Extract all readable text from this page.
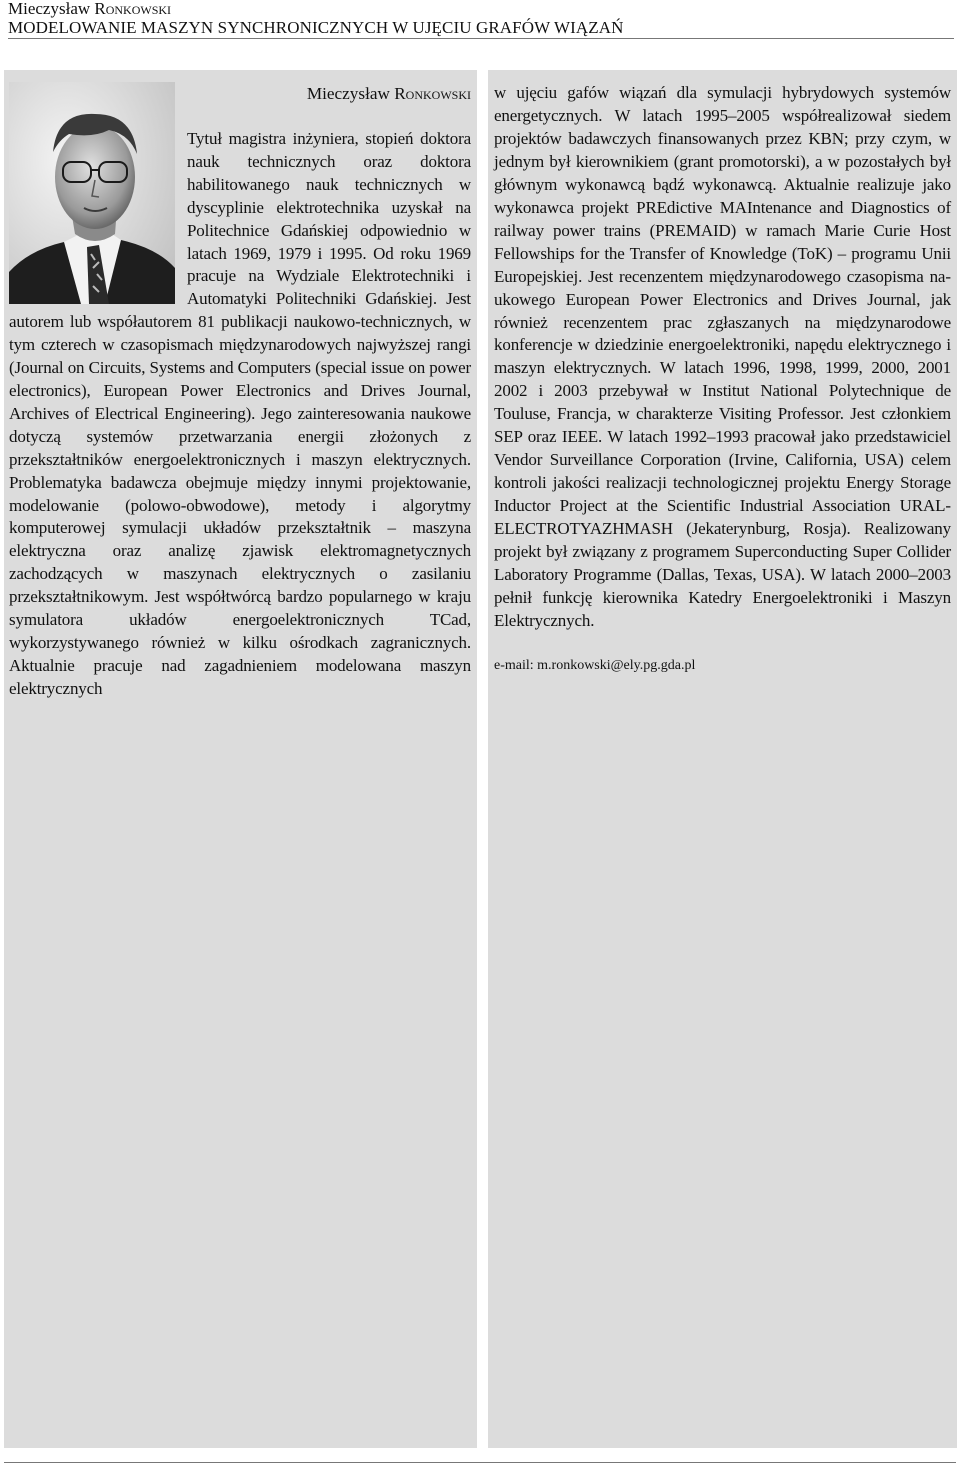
Mieczysław Ronkowski
MODELOWANIE MASZYN SYNCHRONICZNYCH W UJĘCIU GRAFÓW WIĄZAŃ
Mieczysław Ronkowski

Tytuł magistra inżyniera, stopień doktora nauk technicznych oraz doktora habilitowanego nauk technicznych w dyscyplinie elektrotechnika uzyskał na Politechnice Gdańskiej odpowiednio w latach 1969, 1979 i 1995. Od roku 1969 pracuje na Wydziale Elektrotechniki i Automatyki Politechniki Gdańskiej. Jest autorem lub współautorem 81 publikacji naukowo-technicznych, w tym czterech w czasopismach międzynarodowych najwyższej rangi (Journal on Circuits, Systems and Computers (special issue on power electronics), European Power Electronics and Drives Journal, Archives of Electrical Engineering). Jego zainteresowania naukowe dotyczą systemów przetwarzania energii złożonych z przekształtników energoelektronicznych i maszyn elektrycznych. Problematyka badawcza obejmuje między innymi projektowanie, modelowanie (polowo-obwodowe), metody i algorytmy komputerowej symulacji układów przekształtnik – maszyna elektryczna oraz analizę zjawisk elektromagnetycznych zachodzących w maszynach elektrycznych o zasilaniu przekształtnikowym. Jest współtwórcą bardzo popularnego w kraju symulatora układów energoelektronicznych TCad, wykorzystywanego również w kilku ośrodkach zagranicznych. Aktualnie pracuje nad zagadnieniem modelowana maszyn elektrycznych

w ujęciu gafów wiązań dla symulacji hybrydowych systemów energetycznych. W latach 1995–2005 współrealizował siedem projektów badawczych finansowanych przez KBN; przy czym, w jednym był kierownikiem (grant promotorski), a w pozostałych był głównym wykonawcą bądź wykonawcą. Aktualnie realizuje jako wykonawca projekt PREdictive MAIntenance and Diagnostics of railway power trains (PREMAID) w ramach Marie Curie Host Fellowships for the Transfer of Knowledge (ToK) – programu Unii Europejskiej. Jest recenzentem międzynarodowego czasopisma naukowego European Power Electronics and Drives Journal, jak również recenzentem prac zgłaszanych na międzynarodowe konferencje w dziedzinie energoelektroniki, napędu elektrycznego i maszyn elektrycznych. W latach 1996, 1998, 1999, 2000, 2001 2002 i 2003 przebywał w Institut National Polytechnique de Touluse, Francja, w charakterze Visiting Professor. Jest członkiem SEP oraz IEEE. W latach 1992–1993 pracował jako przedstawiciel Vendor Surveillance Corporation (Irvine, California, USA) celem kontroli jakości realizacji technologicznej projektu Energy Storage Inductor Project at the Scientific Industrial Association URALELECTROTYAZHMASH (Jekaterynburg, Rosja). Realizowany projekt był związany z programem Superconducting Super Collider Laboratory Programme (Dallas, Texas, USA). W latach 2000–2003 pełnił funkcję kierownika Katedry Energoelektroniki i Maszyn Elektrycznych.

e-mail: m.ronkowski@ely.pg.gda.pl
